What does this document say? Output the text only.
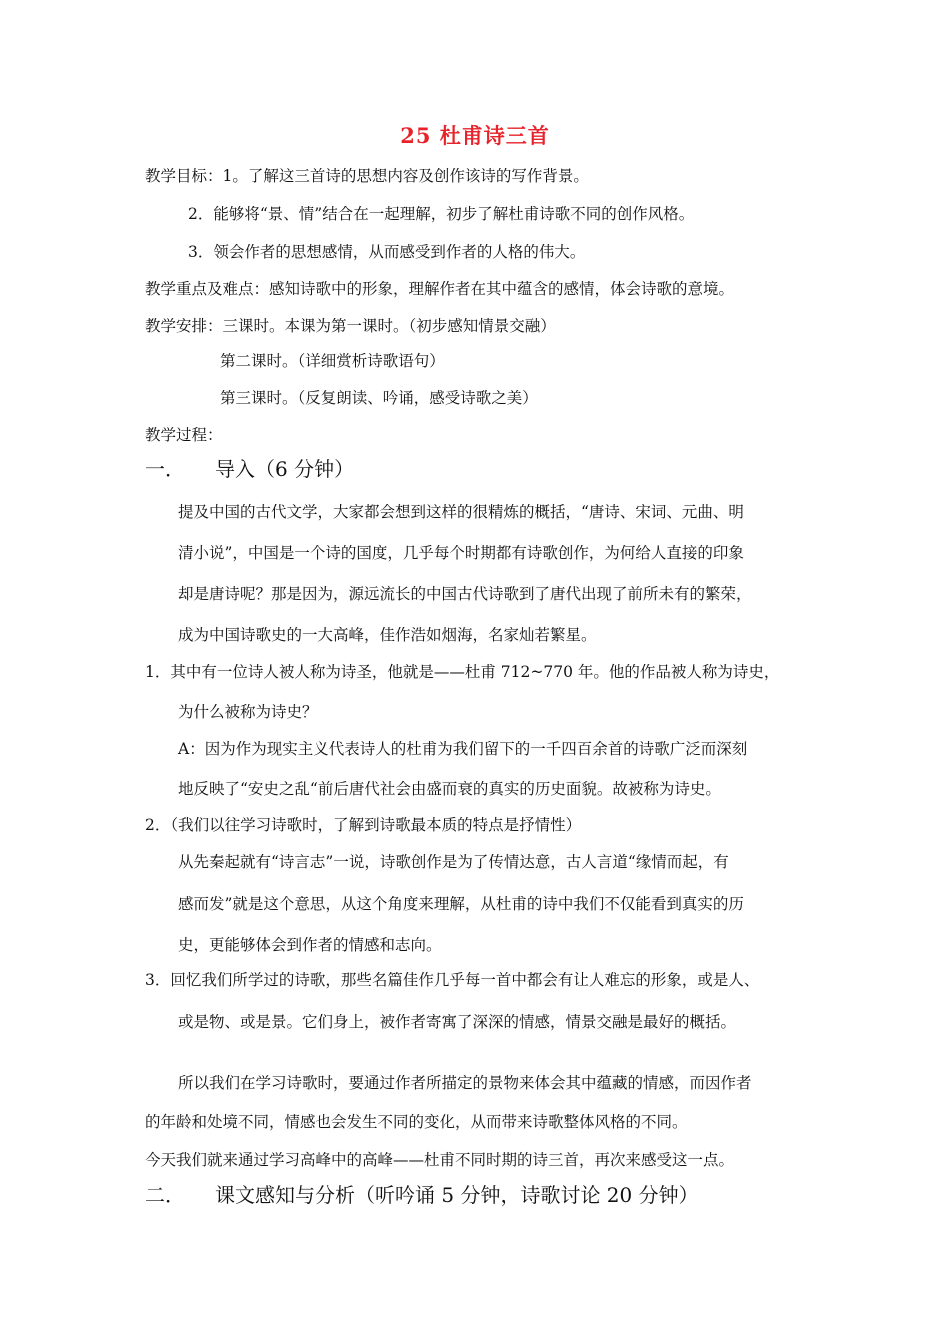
25 杜甫诗三首
教学目标：1。了解这三首诗的思想内容及创作该诗的写作背景。
2．能够将“景、情”结合在一起理解，初步了解杜甫诗歌不同的创作风格。
3．领会作者的思想感情，从而感受到作者的人格的伟大。
教学重点及难点：感知诗歌中的形象，理解作者在其中蕴含的感情，体会诗歌的意境。
教学安排：三课时。本课为第一课时。（初步感知情景交融）
第二课时。（详细赏析诗歌语句）
第三课时。（反复朗读、吟诵，感受诗歌之美）
教学过程：
一． 导入（6 分钟）
提及中国的古代文学，大家都会想到这样的很精炼的概括，“唐诗、宋词、元曲、明
清小说”，中国是一个诗的国度，几乎每个时期都有诗歌创作，为何给人直接的印象
却是唐诗呢？那是因为，源远流长的中国古代诗歌到了唐代出现了前所未有的繁荣，
成为中国诗歌史的一大高峰，佳作浩如烟海，名家灿若繁星。
1．其中有一位诗人被人称为诗圣，他就是——杜甫 712~770 年。他的作品被人称为诗史，
为什么被称为诗史？
A：因为作为现实主义代表诗人的杜甫为我们留下的一千四百余首的诗歌广泛而深刻
地反映了“安史之乱“前后唐代社会由盛而衰的真实的历史面貌。故被称为诗史。
2．（我们以往学习诗歌时，了解到诗歌最本质的特点是抒情性）
从先秦起就有“诗言志”一说，诗歌创作是为了传情达意，古人言道“缘情而起，有
感而发”就是这个意思，从这个角度来理解，从杜甫的诗中我们不仅能看到真实的历
史，更能够体会到作者的情感和志向。
3．回忆我们所学过的诗歌，那些名篇佳作几乎每一首中都会有让人难忘的形象，或是人、
或是物、或是景。它们身上，被作者寄寓了深深的情感，情景交融是最好的概括。
所以我们在学习诗歌时，要通过作者所描定的景物来体会其中蕴藏的情感，而因作者
的年龄和处境不同，情感也会发生不同的变化，从而带来诗歌整体风格的不同。
今天我们就来通过学习高峰中的高峰——杜甫不同时期的诗三首，再次来感受这一点。
二． 课文感知与分析（听吟诵 5 分钟，诗歌讨论 20 分钟）
